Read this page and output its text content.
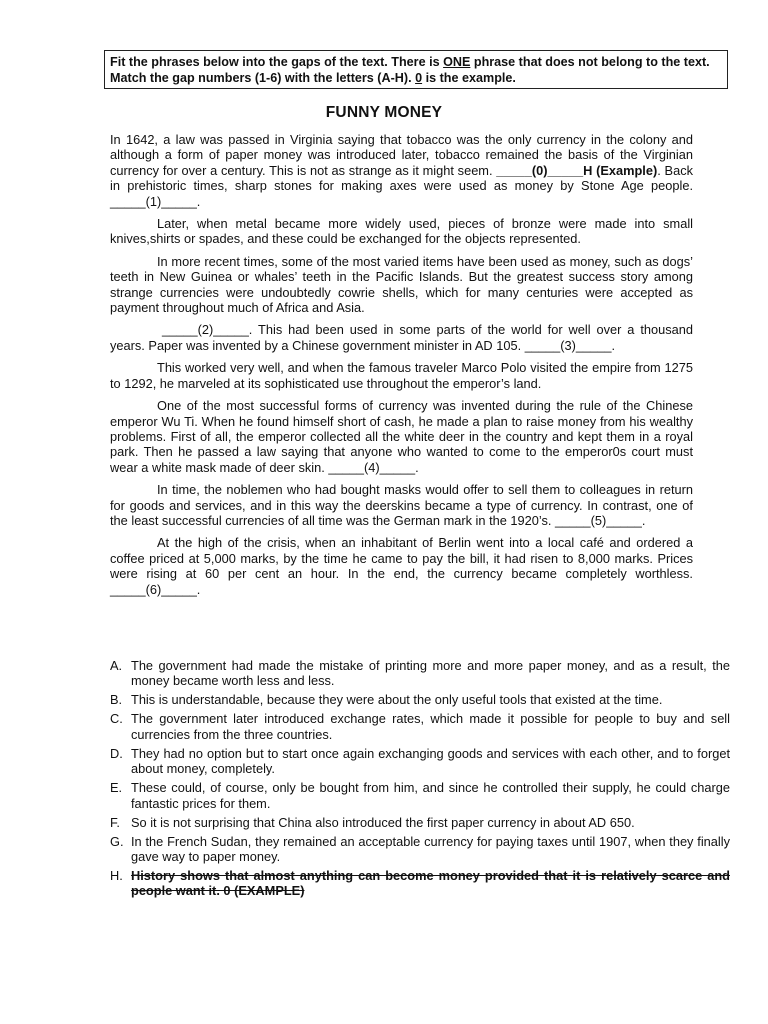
Fit the phrases below into the gaps of the text. There is ONE phrase that does not belong to the text. Match the gap numbers (1-6) with the letters (A-H). 0 is the example.
FUNNY MONEY

In 1642, a law was passed in Virginia saying that tobacco was the only currency in the colony and although a form of paper money was introduced later, tobacco remained the basis of the Virginian currency for over a century. This is not as strange as it might seem. _____(0)_____H (Example). Back in prehistoric times, sharp stones for making axes were used as money by Stone Age people. _____(1)_____.

Later, when metal became more widely used, pieces of bronze were made into small knives,shirts or spades, and these could be exchanged for the objects represented.

In more recent times, some of the most varied items have been used as money, such as dogs’ teeth in New Guinea or whales’ teeth in the Pacific Islands. But the greatest success story among strange currencies were undoubtedly cowrie shells, which for many centuries were accepted as payment throughout much of Africa and Asia.

_____(2)_____. This had been used in some parts of the world for well over a thousand years. Paper was invented by a Chinese government minister in AD 105. _____(3)_____.

This worked very well, and when the famous traveler Marco Polo visited the empire from 1275 to 1292, he marveled at its sophisticated use throughout the emperor’s land.

One of the most successful forms of currency was invented during the rule of the Chinese emperor Wu Ti. When he found himself short of cash, he made a plan to raise money from his wealthy problems. First of all, the emperor collected all the white deer in the country and kept them in a royal park. Then he passed a law saying that anyone who wanted to come to the emperor0s court must wear a white mask made of deer skin. _____(4)_____.

In time, the noblemen who had bought masks would offer to sell them to colleagues in return for goods and services, and in this way the deerskins became a type of currency. In contrast, one of the least successful currencies of all time was the German mark in the 1920’s. _____(5)_____.

At the high of the crisis, when an inhabitant of Berlin went into a local café and ordered a coffee priced at 5,000 marks, by the time he came to pay the bill, it had risen to 8,000 marks. Prices were rising at 60 per cent an hour. In the end, the currency became completely worthless. _____(6)_____.

A. The government had made the mistake of printing more and more paper money, and as a result, the money became worth less and less.
B. This is understandable, because they were about the only useful tools that existed at the time.
C. The government later introduced exchange rates, which made it possible for people to buy and sell currencies from the three countries.
D. They had no option but to start once again exchanging goods and services with each other, and to forget about money, completely.
E. These could, of course, only be bought from him, and since he controlled their supply, he could charge fantastic prices for them.
F. So it is not surprising that China also introduced the first paper currency in about AD 650.
G. In the French Sudan, they remained an acceptable currency for paying taxes until 1907, when they finally gave way to paper money.
H. History shows that almost anything can become money provided that it is relatively scarce and people want it. 0 (EXAMPLE)
